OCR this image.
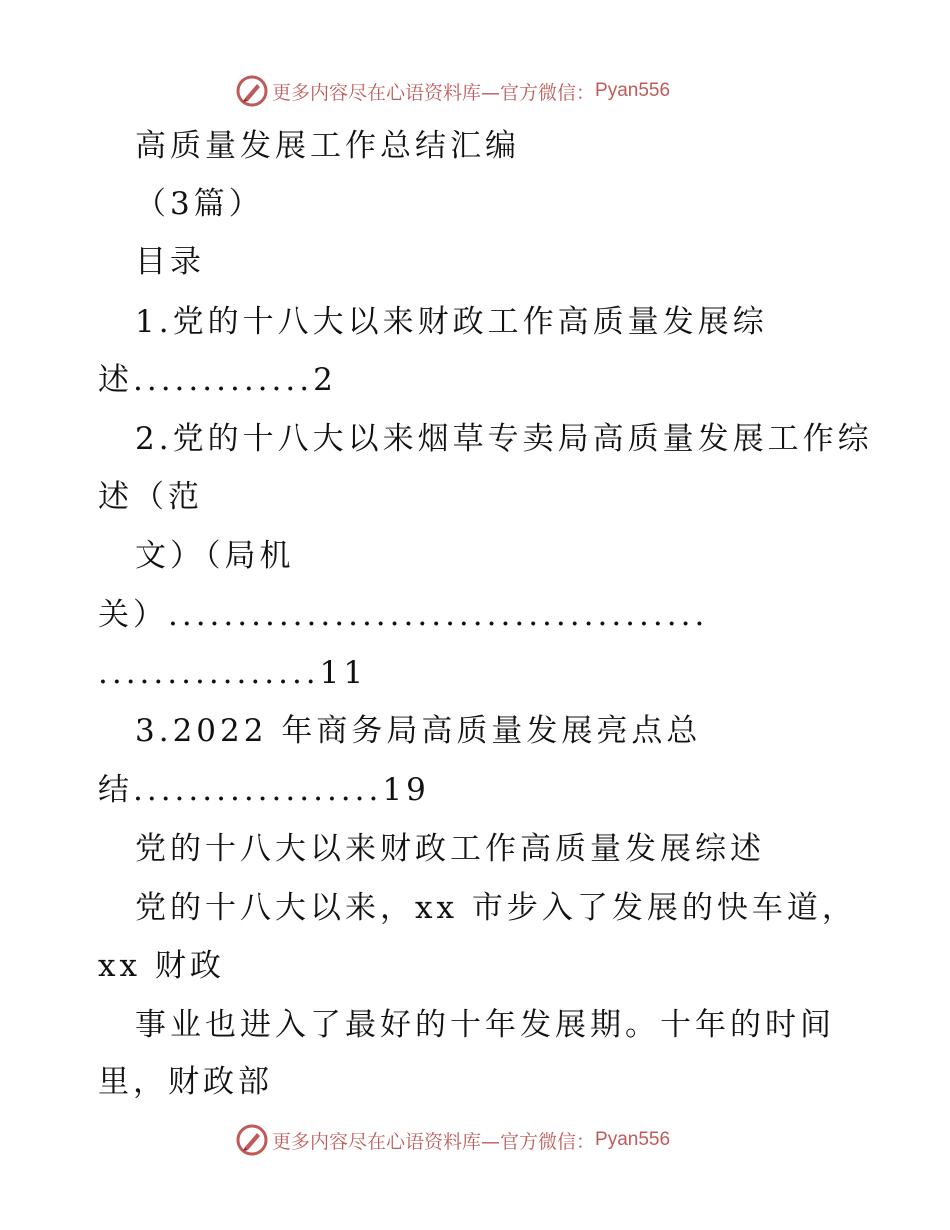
更多内容尽在心语资料库—官方微信： Pyan556
高质量发展工作总结汇编
（3篇）
目录
1.党的十八大以来财政工作高质量发展综
述.............2
2.党的十八大以来烟草专卖局高质量发展工作综
述（范
文）（局机
关）.......................................
................11
3.2022 年商务局高质量发展亮点总
结..................19
党的十八大以来财政工作高质量发展综述
党的十八大以来，xx 市步入了发展的快车道，
xx 财政
事业也进入了最好的十年发展期。十年的时间
里，财政部
更多内容尽在心语资料库—官方微信： Pyan556
